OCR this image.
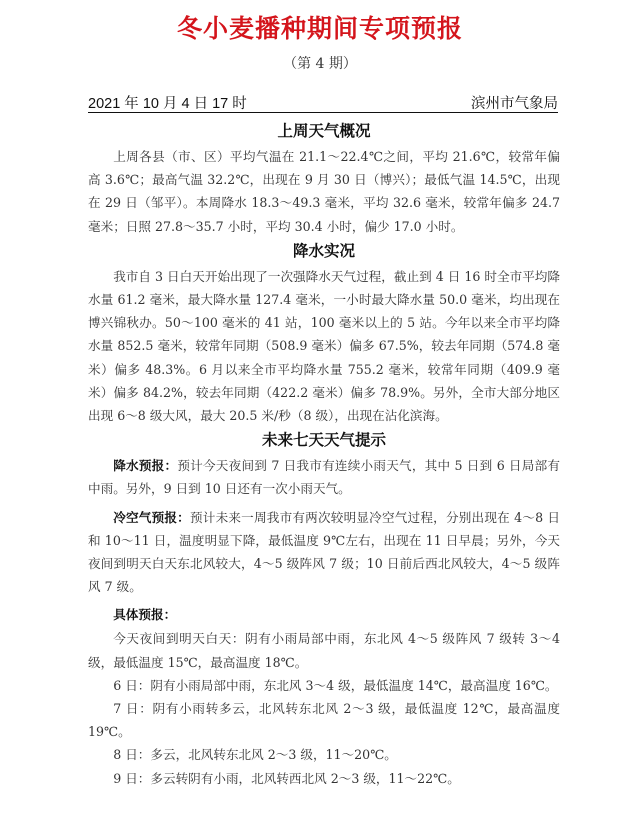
冬小麦播种期间专项预报
（第 4 期）
2021 年 10 月 4 日 17 时	滨州市气象局
上周天气概况

上周各县（市、区）平均气温在 21.1～22.4℃之间，平均 21.6℃，较常年偏高 3.6℃；最高气温 32.2℃，出现在 9 月 30 日（博兴）；最低气温 14.5℃，出现在 29 日（邹平）。本周降水 18.3～49.3 毫米，平均 32.6 毫米，较常年偏多 24.7 毫米；日照 27.8～35.7 小时，平均 30.4 小时，偏少 17.0 小时。

降水实况

我市自 3 日白天开始出现了一次强降水天气过程，截止到 4 日 16 时全市平均降水量 61.2 毫米，最大降水量 127.4 毫米，一小时最大降水量 50.0 毫米，均出现在博兴锦秋办。50～100 毫米的 41 站，100 毫米以上的 5 站。今年以来全市平均降水量 852.5 毫米，较常年同期（508.9 毫米）偏多 67.5%，较去年同期（574.8 毫米）偏多 48.3%。6 月以来全市平均降水量 755.2 毫米，较常年同期（409.9 毫米）偏多 84.2%，较去年同期（422.2 毫米）偏多 78.9%。另外，全市大部分地区出现 6～8 级大风，最大 20.5 米/秒（8 级），出现在沾化滨海。

未来七天天气提示

降水预报：预计今天夜间到 7 日我市有连续小雨天气，其中 5 日到 6 日局部有中雨。另外，9 日到 10 日还有一次小雨天气。

冷空气预报：预计未来一周我市有两次较明显冷空气过程，分别出现在 4～8 日和 10～11 日，温度明显下降，最低温度 9℃左右，出现在 11 日早晨；另外，今天夜间到明天白天东北风较大，4～5 级阵风 7 级；10 日前后西北风较大，4～5 级阵风 7 级。

具体预报：

今天夜间到明天白天：阴有小雨局部中雨，东北风 4～5 级阵风 7 级转 3～4 级，最低温度 15℃，最高温度 18℃。

6 日：阴有小雨局部中雨，东北风 3～4 级，最低温度 14℃，最高温度 16℃。

7 日：阴有小雨转多云，北风转东北风 2～3 级，最低温度 12℃，最高温度 19℃。

8 日：多云，北风转东北风 2～3 级，11～20℃。

9 日：多云转阴有小雨，北风转西北风 2～3 级，11～22℃。
